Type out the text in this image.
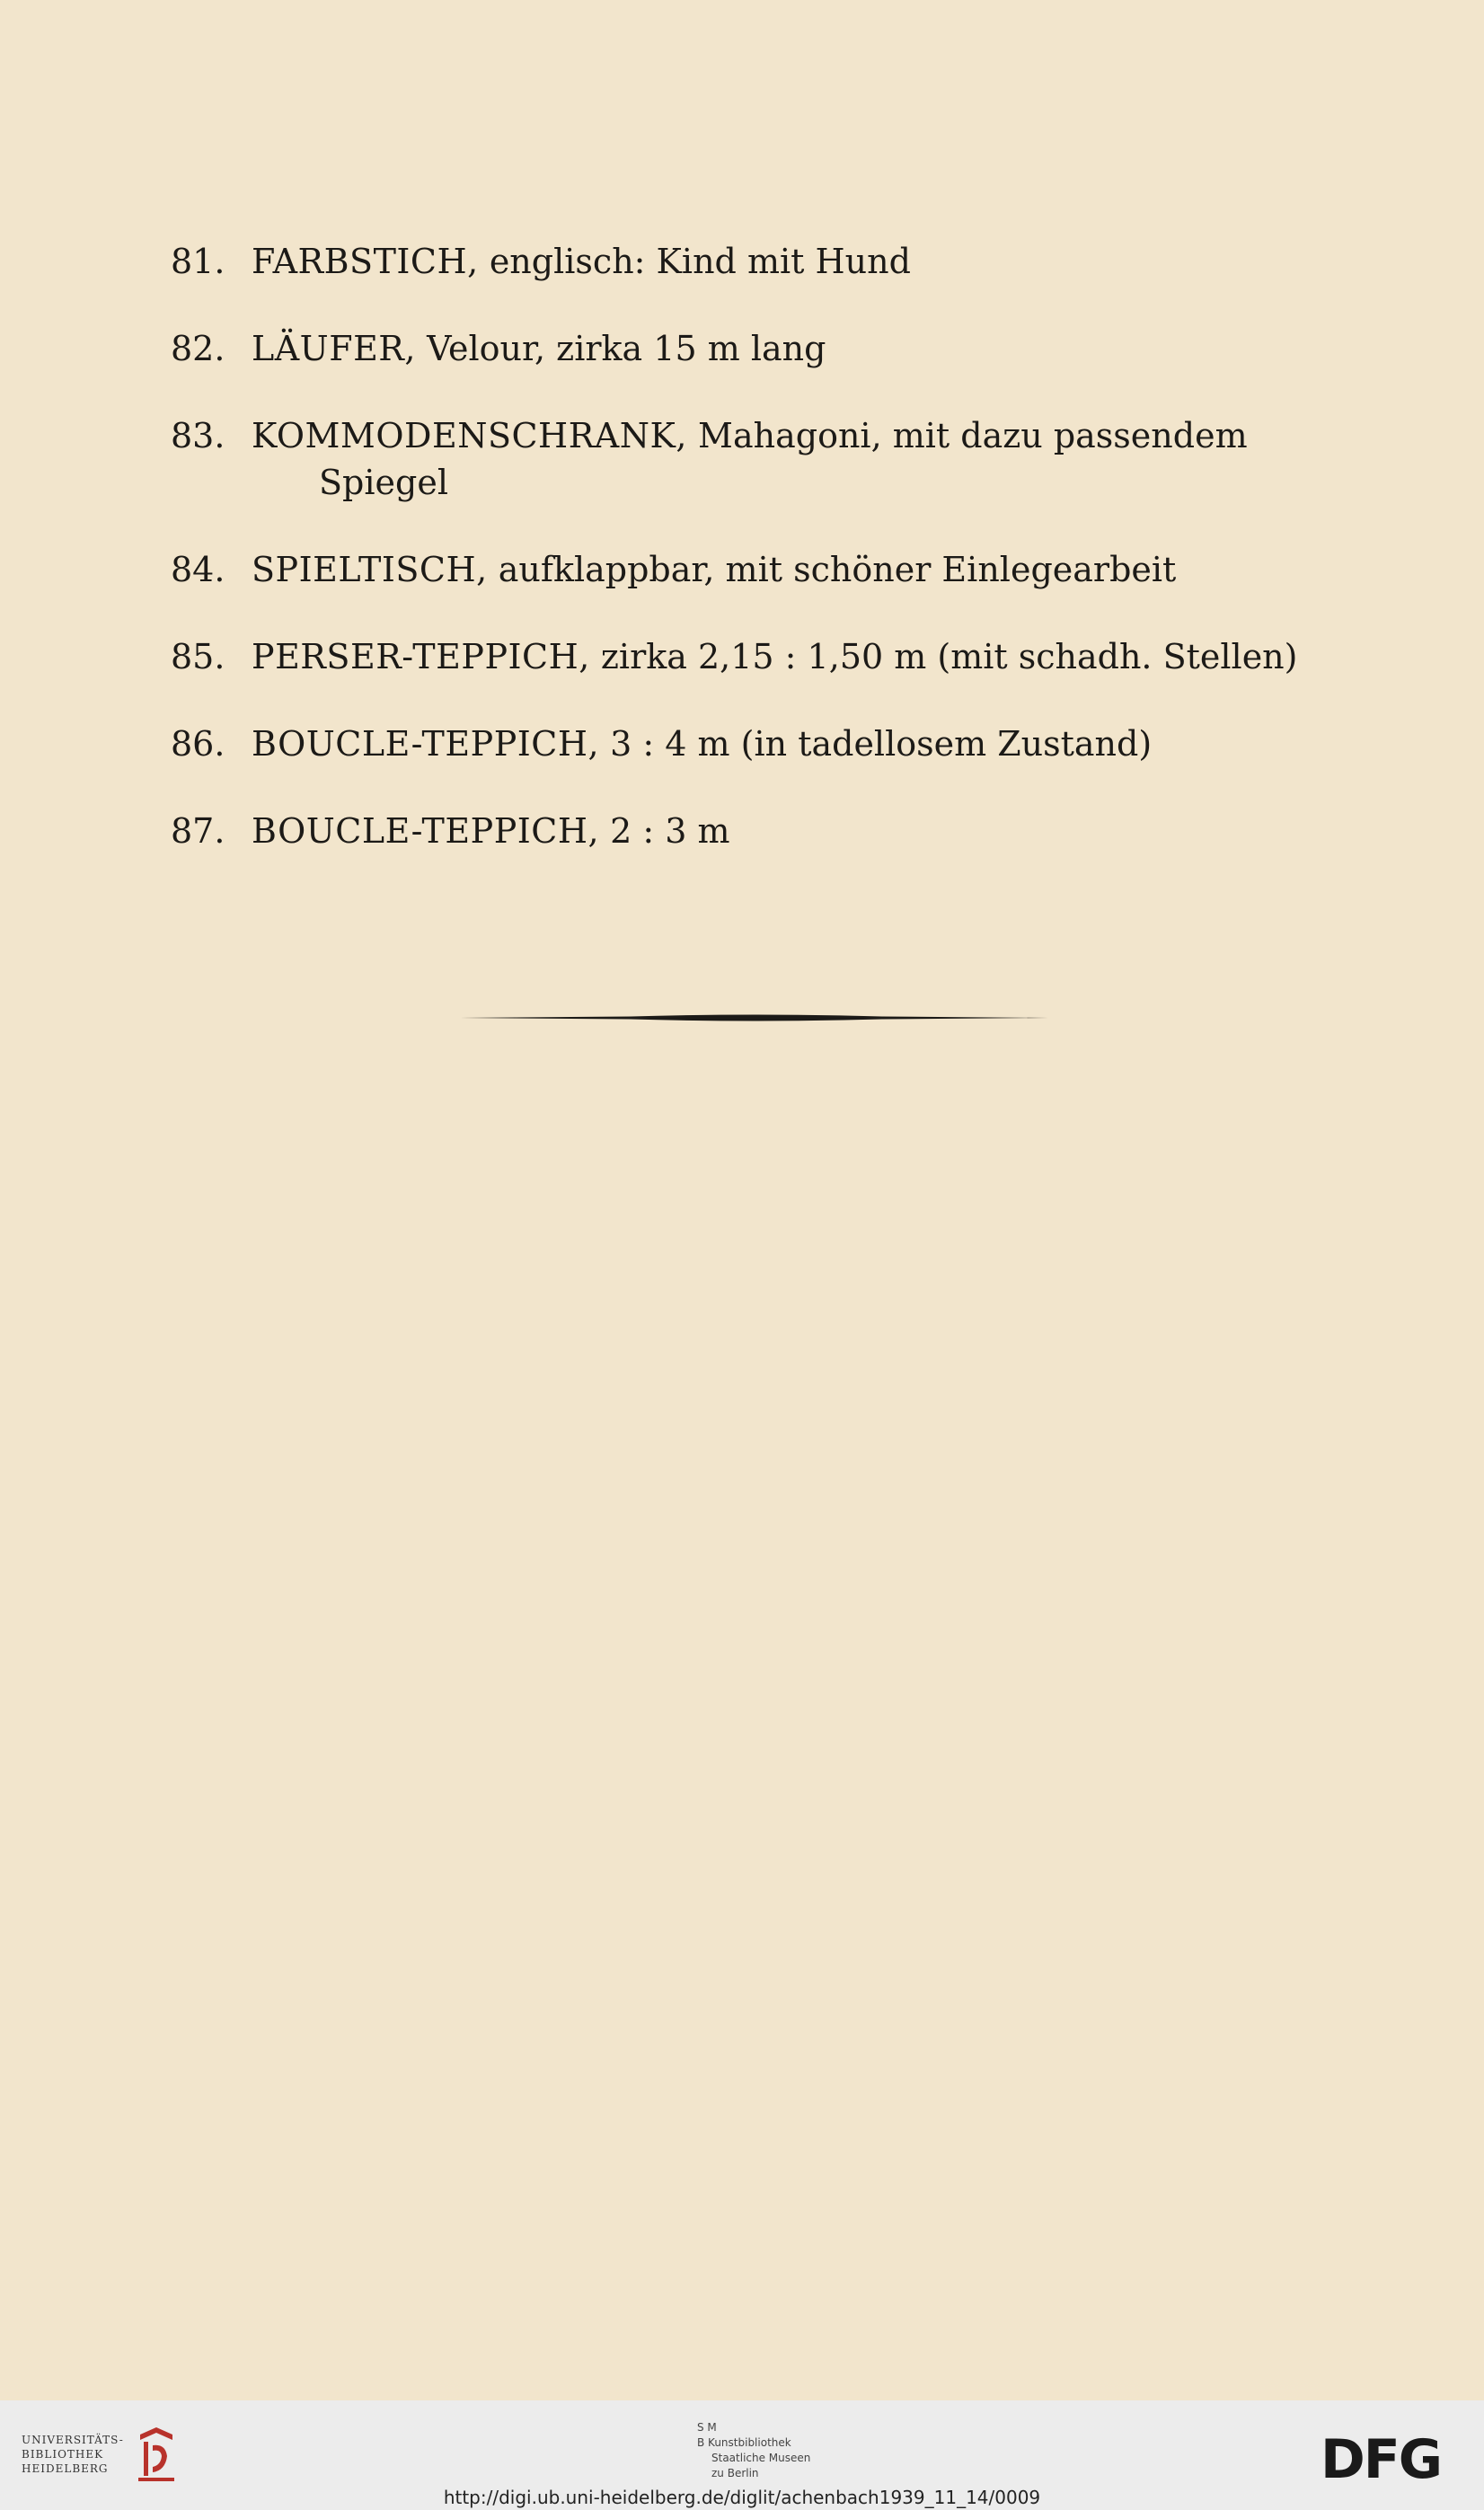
81. FARBSTICH, englisch: Kind mit Hund
82. LÄUFER, Velour, zirka 15 m lang
83. KOMMODENSCHRANK, Mahagoni, mit dazu passendem
Spiegel
84. SPIELTISCH, aufklappbar, mit schöner Einlegearbeit
85. PERSER-TEPPICH, zirka 2,15 : 1,50 m (mit schadh. Stellen)
86. BOUCLE-TEPPICH, 3 : 4 m (in tadellosem Zustand)
87. BOUCLE-TEPPICH, 2 : 3 m
UNIVERSITÄTS-
BIBLIOTHEK
HEIDELBERG
S M
B Kunstbibliothek
Staatliche Museen
zu Berlin	DFG
http://digi.ub.uni-heidelberg.de/diglit/achenbach1939_11_14/0009
